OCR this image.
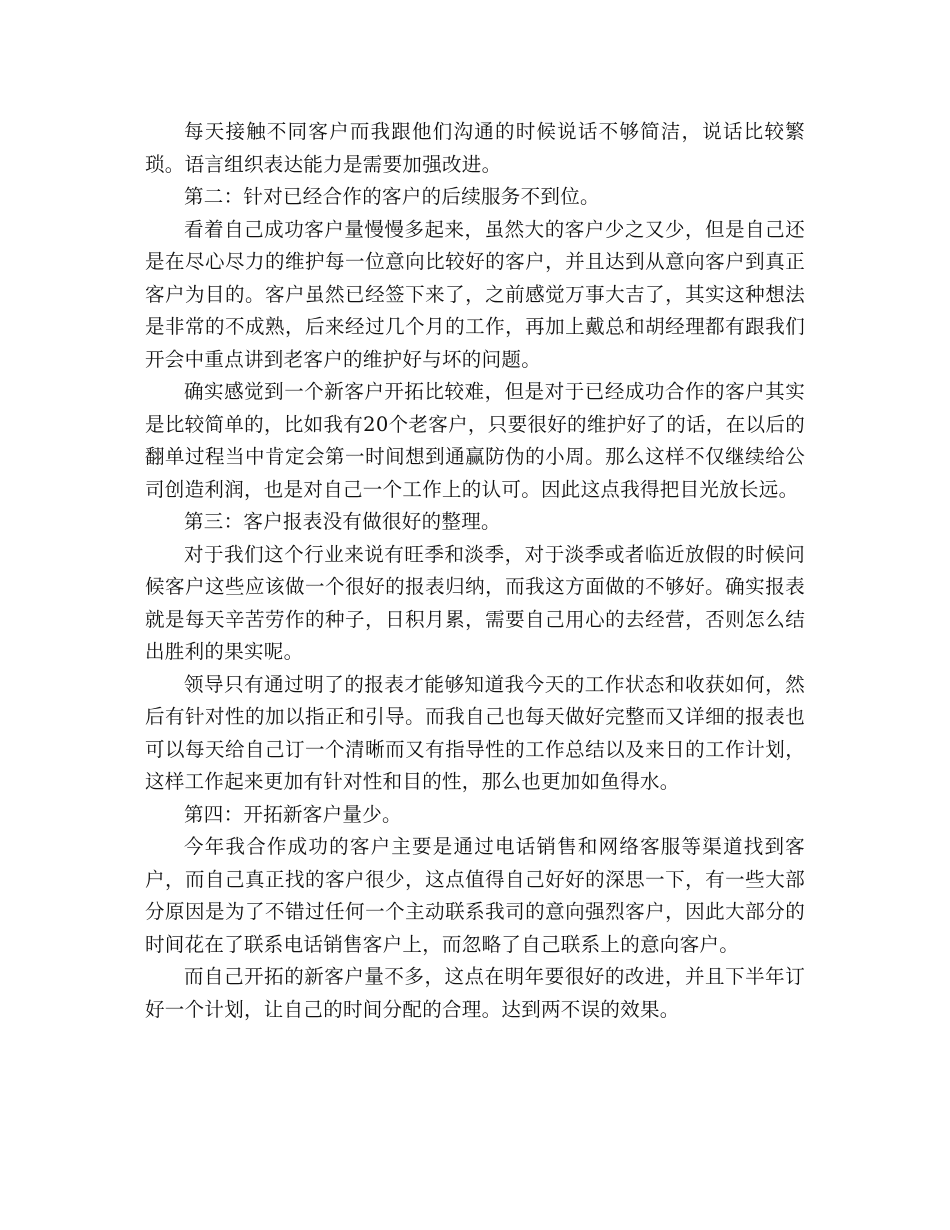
每天接触不同客户而我跟他们沟通的时候说话不够简洁，说话比较繁琐。语言组织表达能力是需要加强改进。

第二：针对已经合作的客户的后续服务不到位。

看着自己成功客户量慢慢多起来，虽然大的客户少之又少，但是自己还是在尽心尽力的维护每一位意向比较好的客户，并且达到从意向客户到真正客户为目的。客户虽然已经签下来了，之前感觉万事大吉了，其实这种想法是非常的不成熟，后来经过几个月的工作，再加上戴总和胡经理都有跟我们开会中重点讲到老客户的维护好与坏的问题。

确实感觉到一个新客户开拓比较难，但是对于已经成功合作的客户其实是比较简单的，比如我有20个老客户，只要很好的维护好了的话，在以后的翻单过程当中肯定会第一时间想到通赢防伪的小周。那么这样不仅继续给公司创造利润，也是对自己一个工作上的认可。因此这点我得把目光放长远。

第三：客户报表没有做很好的整理。

对于我们这个行业来说有旺季和淡季，对于淡季或者临近放假的时候问候客户这些应该做一个很好的报表归纳，而我这方面做的不够好。确实报表就是每天辛苦劳作的种子，日积月累，需要自己用心的去经营，否则怎么结出胜利的果实呢。

领导只有通过明了的报表才能够知道我今天的工作状态和收获如何，然后有针对性的加以指正和引导。而我自己也每天做好完整而又详细的报表也可以每天给自己订一个清晰而又有指导性的工作总结以及来日的工作计划，这样工作起来更加有针对性和目的性，那么也更加如鱼得水。

第四：开拓新客户量少。

今年我合作成功的客户主要是通过电话销售和网络客服等渠道找到客户，而自己真正找的客户很少，这点值得自己好好的深思一下，有一些大部分原因是为了不错过任何一个主动联系我司的意向强烈客户，因此大部分的时间花在了联系电话销售客户上，而忽略了自己联系上的意向客户。

而自己开拓的新客户量不多，这点在明年要很好的改进，并且下半年订好一个计划，让自己的时间分配的合理。达到两不误的效果。
